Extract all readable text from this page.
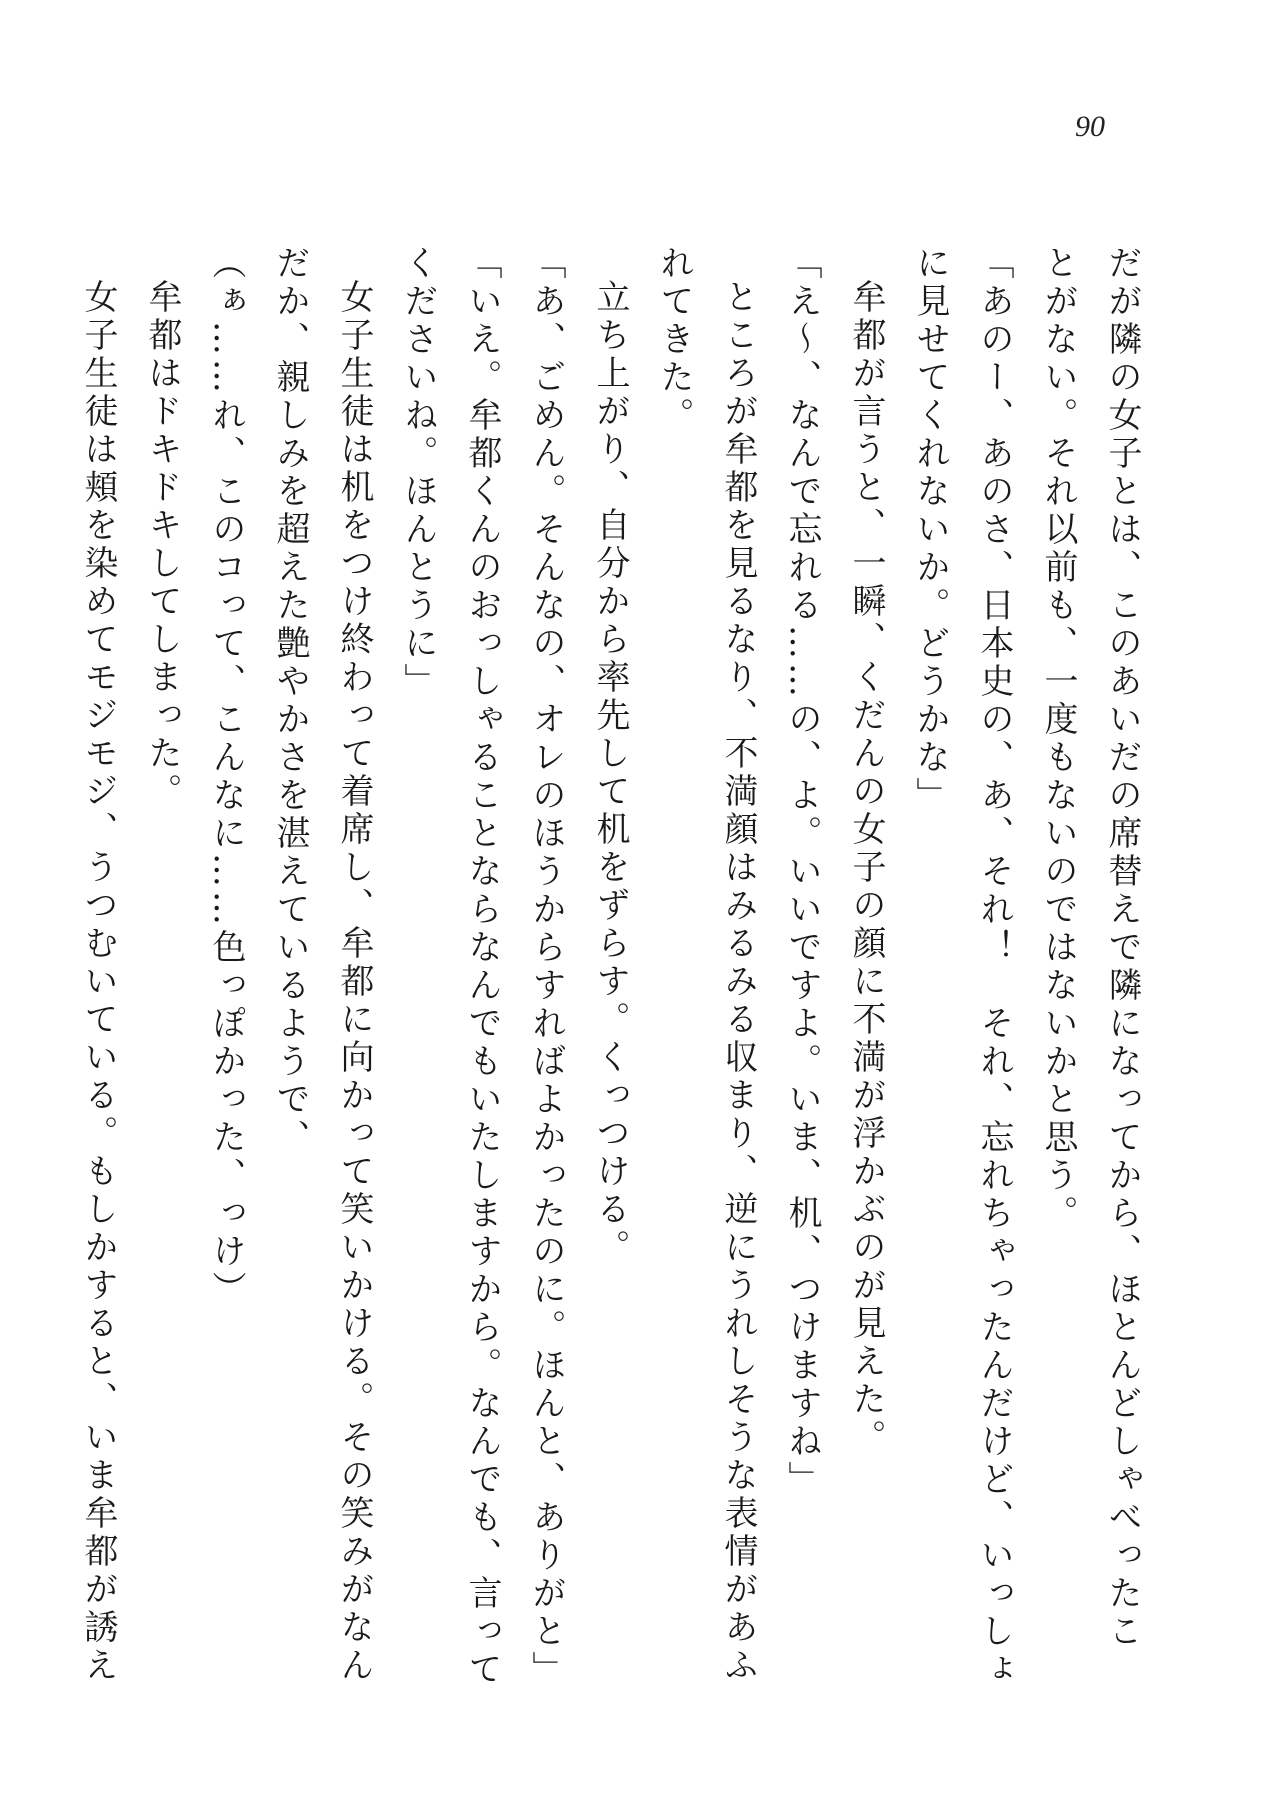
90
だが隣の女子とは、このあいだの席替えで隣になってから、ほとんどしゃべったこ
とがない。それ以前も、一度もないのではないかと思う。
「あのー、あのさ、日本史の、あ、それ！　それ、忘れちゃったんだけど、いっしょ
に見せてくれないか。どうかな」
牟都が言うと、一瞬、くだんの女子の顔に不満が浮かぶのが見えた。
「え〜、なんで忘れる……の、よ。いいですよ。いま、机、つけますね」
ところが牟都を見るなり、不満顔はみるみる収まり、逆にうれしそうな表情があふ
れてきた。
立ち上がり、自分から率先して机をずらす。くっつける。
「あ、ごめん。そんなの、オレのほうからすればよかったのに。ほんと、ありがと」
「いえ。牟都くんのおっしゃることならなんでもいたしますから。なんでも、言って
くださいね。ほんとうに」
女子生徒は机をつけ終わって着席し、牟都に向かって笑いかける。その笑みがなん
だか、親しみを超えた艶やかさを湛えているようで、
（ぁ……れ、このコって、こんなに……色っぽかった、っけ）
牟都はドキドキしてしまった。
女子生徒は頬を染めてモジモジ、うつむいている。もしかすると、いま牟都が誘え
